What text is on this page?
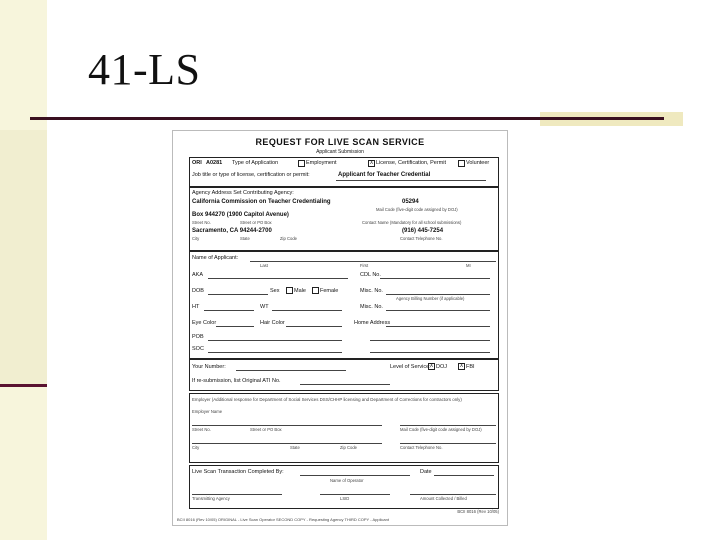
41-LS
REQUEST FOR LIVE SCAN SERVICE
Applicant Submission
ORI A0281 Type of Application	Employment	X License, Certification, Permit	Volunteer
Job title or type of license, certification or permit:	Applicant for Teacher Credential
Agency Address Set Contributing Agency:
California Commission on Teacher Credentialing	05294
Mail Code (five-digit code assigned by DOJ)
Box 944270 (1900 Capitol Avenue)
Street No.	Street or PO Box	Contact Name (Mandatory for all school submissions)
Sacramento, CA 94244-2700	(916) 445-7254
City	State	Zip Code	Contact Telephone No.
Name of Applicant:
Last	First	MI
AKA	CDL No.
DOB	Sex	Male	Female	Misc. No.
Agency Billing Number (if applicable)
HT	WT	Misc. No.
Eye Color	Hair Color	Home Address
POB
SOC
Your Number:	Level of Service: X DOJ	X FBI
If re-submission, list Original ATI No.
Employer (Additional response for Department of Social Services DSS/CHHP licensing and Department of Corrections for contractors only)
Employer Name
Street No.	Street or PO Box	Mail Code (five-digit code assigned by DOJ)
City	State	Zip Code	Contact Telephone No.
Live Scan Transaction Completed By:	Date
Name of Operator
Transmitting Agency	LSID	Amount Collected / Billed
BCII 8016 (Rev 10/05)
BCII 8016 (Rev 10/05) ORIGINAL - Live Scan Operator SECOND COPY - Requesting Agency THIRD COPY - Applicant
